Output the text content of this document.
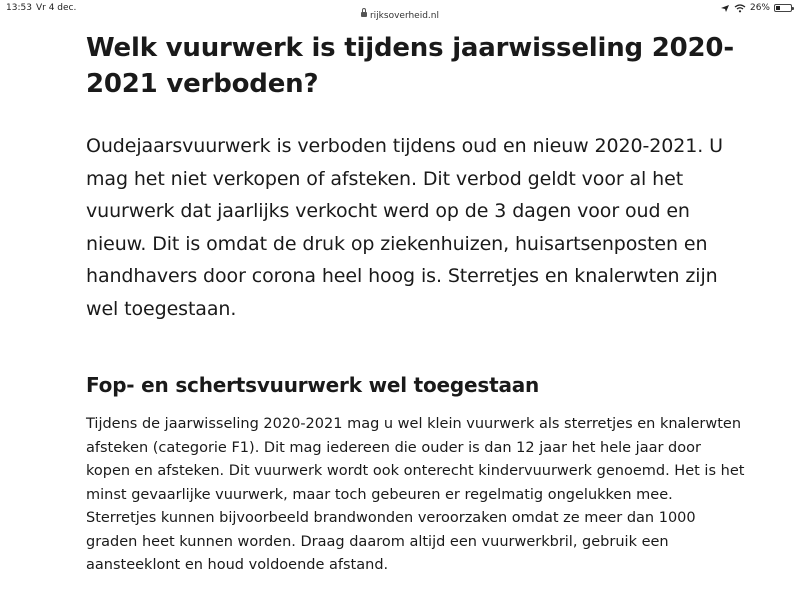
13:53 Vr 4 dec.	26%
rijksoverheid.nl
Welk vuurwerk is tijdens jaarwisseling 2020-2021 verboden?

Oudejaarsvuurwerk is verboden tijdens oud en nieuw 2020-2021. U mag het niet verkopen of afsteken. Dit verbod geldt voor al het vuurwerk dat jaarlijks verkocht werd op de 3 dagen voor oud en nieuw. Dit is omdat de druk op ziekenhuizen, huisartsenposten en handhavers door corona heel hoog is. Sterretjes en knalerwten zijn wel toegestaan.

Fop- en schertsvuurwerk wel toegestaan

Tijdens de jaarwisseling 2020-2021 mag u wel klein vuurwerk als sterretjes en knalerwten afsteken (categorie F1). Dit mag iedereen die ouder is dan 12 jaar het hele jaar door kopen en afsteken. Dit vuurwerk wordt ook onterecht kindervuurwerk genoemd. Het is het minst gevaarlijke vuurwerk, maar toch gebeuren er regelmatig ongelukken mee. Sterretjes kunnen bijvoorbeeld brandwonden veroorzaken omdat ze meer dan 1000 graden heet kunnen worden. Draag daarom altijd een vuurwerkbril, gebruik een aansteeklont en houd voldoende afstand.
